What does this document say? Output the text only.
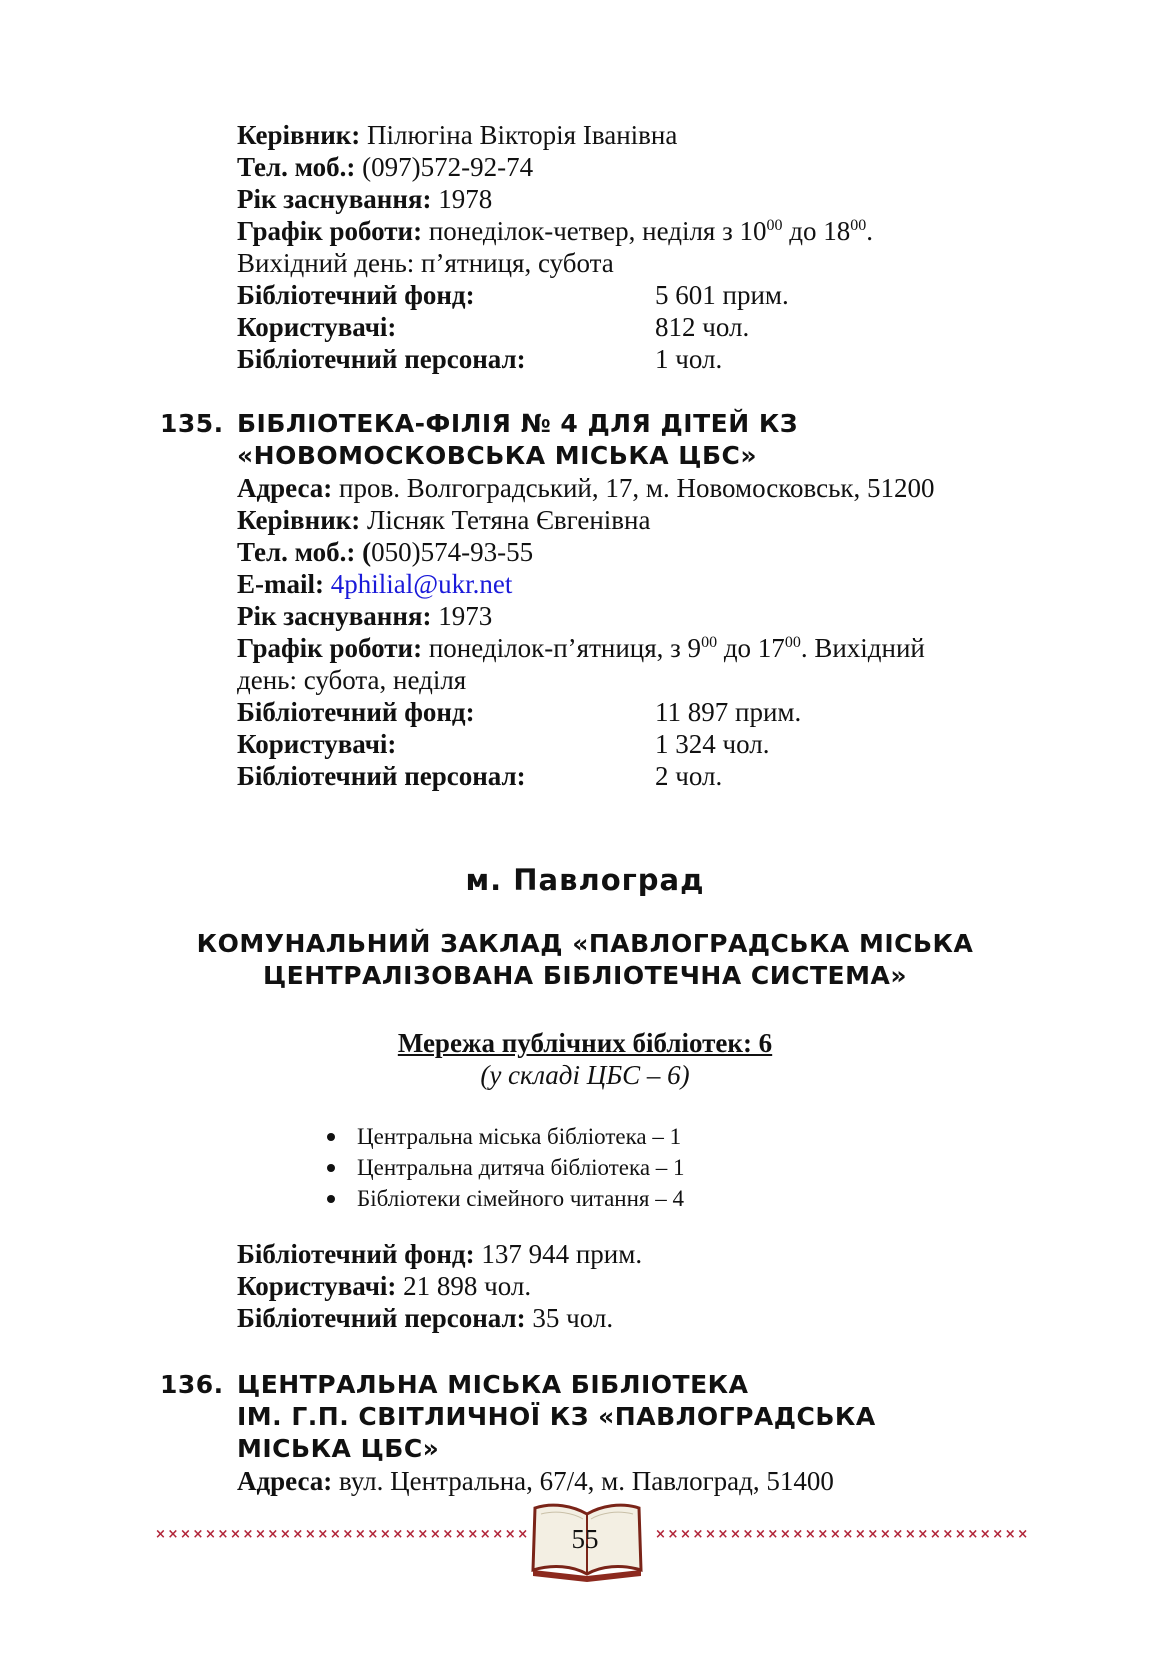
Керівник: Пілюгіна Вікторія Іванівна
Тел. моб.: (097)572-92-74
Рік заснування: 1978
Графік роботи: понеділок-четвер, неділя з $10^{00}$ до $18^{00}$.
Вихідний день: п’ятниця, субота
Бібліотечний фонд:	5 601 прим.
Користувачі:	812 чол.
Бібліотечний персонал:	1 чол.
135. БІБЛІОТЕКА-ФІЛІЯ № 4 ДЛЯ ДІТЕЙ КЗ
«НОВОМОСКОВСЬКА МІСЬКА ЦБС»
Адреса: пров. Волгоградський, 17, м. Новомосковськ, 51200
Керівник: Лісняк Тетяна Євгенівна
Тел. моб.: (050)574-93-55
E-mail: 4philial@ukr.net
Рік заснування: 1973
Графік роботи: понеділок-п’ятниця, з $9^{00}$ до $17^{00}$. Вихідний
день: субота, неділя
Бібліотечний фонд:	11 897 прим.
Користувачі:	1 324 чол.
Бібліотечний персонал:	2 чол.
м. Павлоград
КОМУНАЛЬНИЙ ЗАКЛАД «ПАВЛОГРАДСЬКА МІСЬКА
ЦЕНТРАЛІЗОВАНА БІБЛІОТЕЧНА СИСТЕМА»
Мережа публічних бібліотек: 6
(у складі ЦБС – 6)
Центральна міська бібліотека – 1
Центральна дитяча бібліотека – 1
Бібліотеки сімейного читання – 4
Бібліотечний фонд: 137 944 прим.
Користувачі: 21 898 чол.
Бібліотечний персонал: 35 чол.
136. ЦЕНТРАЛЬНА МІСЬКА БІБЛІОТЕКА
ІМ. Г.П. СВІТЛИЧНОЇ КЗ «ПАВЛОГРАДСЬКА
МІСЬКА ЦБС»
Адреса: вул. Центральна, 67/4, м. Павлоград, 51400
××××××××××××××××××××××××××××××	××××××××××××××××××××××××××××××
55
